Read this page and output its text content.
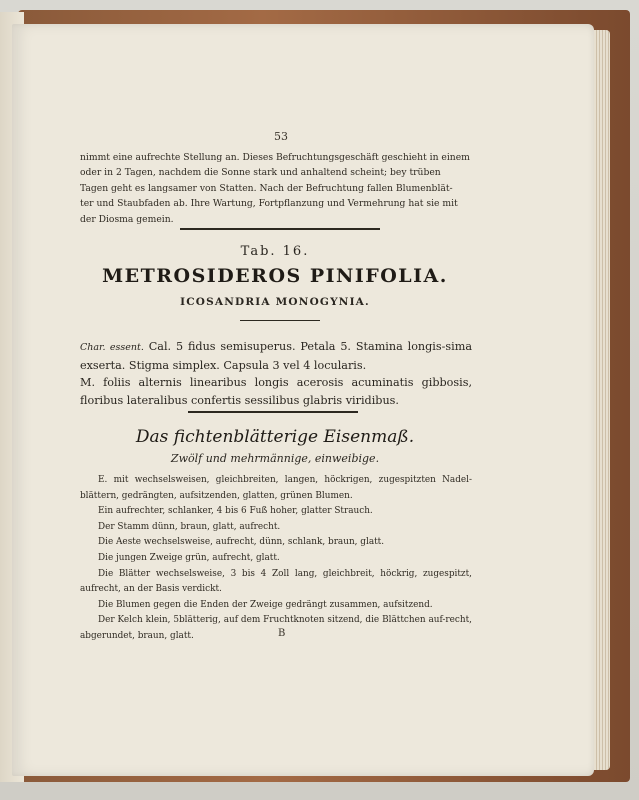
53

nimmt eine aufrechte Stellung an. Dieses Befruchtungsgeschäft geschieht in einem

oder in 2 Tagen, nachdem die Sonne stark und anhaltend scheint; bey trüben

Tagen geht es langsamer von Statten. Nach der Befruchtung fallen Blumenblät-

ter und Staubfaden ab. Ihre Wartung, Fortpflanzung und Vermehrung hat sie mit

der Diosma gemein.

Tab. 16.
METROSIDEROS PINIFOLIA.
ICOSANDRIA MONOGYNIA.
Char. essent. Cal. 5 fidus semisuperus. Petala 5. Stamina longis-sima exserta. Stigma simplex. Capsula 3 vel 4 locularis.
M. foliis alternis linearibus longis acerosis acuminatis gibbosis, floribus lateralibus confertis sessilibus glabris viridibus.
Das fichtenblätterige Eisenmaß.
Zwölf und mehrmännige, einweibige.

E. mit wechselsweisen, gleichbreiten, langen, höckrigen, zugespitzten Nadel-blättern, gedrängten, aufsitzenden, glatten, grünen Blumen.

Ein aufrechter, schlanker, 4 bis 6 Fuß hoher, glatter Strauch.

Der Stamm dünn, braun, glatt, aufrecht.

Die Aeste wechselsweise, aufrecht, dünn, schlank, braun, glatt.

Die jungen Zweige grün, aufrecht, glatt.

Die Blätter wechselsweise, 3 bis 4 Zoll lang, gleichbreit, höckrig, zugespitzt, aufrecht, an der Basis verdickt.

Die Blumen gegen die Enden der Zweige gedrängt zusammen, aufsitzend.

Der Kelch klein, 5blätterig, auf dem Fruchtknoten sitzend, die Blättchen auf-recht, abgerundet, braun, glatt.	B
